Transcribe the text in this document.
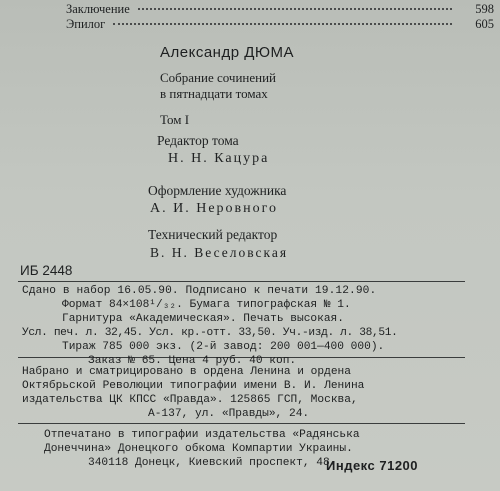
Заключение	598
Эпилог	605
Александр ДЮМА
Собрание сочинений
в пятнадцати томах
Том I
Редактор тома
Н. Н. Кацура
Оформление художника
А. И. Неровного
Технический редактор
В. Н. Веселовская
ИБ 2448
Сдано в набор 16.05.90. Подписано к печати 19.12.90.
Формат 84×108¹/₃₂. Бумага типографская № 1.
Гарнитура «Академическая». Печать высокая.
Усл. печ. л. 32,45. Усл. кр.-отт. 33,50. Уч.-изд. л. 38,51.
Тираж 785 000 экз. (2-й завод: 200 001—400 000).
Заказ № 65. Цена 4 руб. 40 коп.
Набрано и сматрицировано в ордена Ленина и ордена
Октябрьской Революции типографии имени В. И. Ленина
издательства ЦК КПСС «Правда». 125865 ГСП, Москва,
А-137, ул. «Правды», 24.
Отпечатано в типографии издательства «Радянська
Донеччина» Донецкого обкома Компартии Украины.
340118 Донецк, Киевский проспект, 48.
Индекс 71200
